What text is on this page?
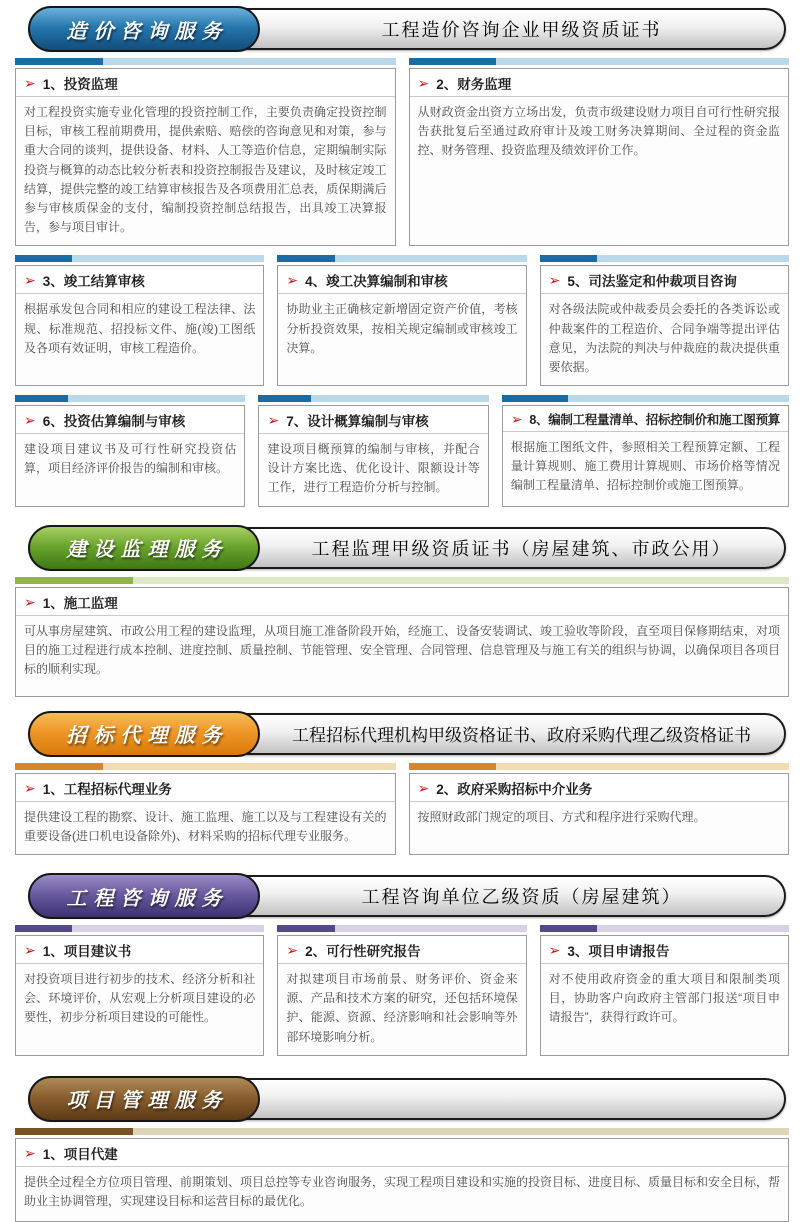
造价咨询服务	工程造价咨询企业甲级资质证书
➢ 1、投资监理
对工程投资实施专业化管理的投资控制工作，主要负责确定投资控制目标，审核工程前期费用，提供索赔、赔偿的咨询意见和对策，参与重大合同的谈判，提供设备、材料、人工等造价信息，定期编制实际投资与概算的动态比较分析表和投资控制报告及建议，及时核定竣工结算，提供完整的竣工结算审核报告及各项费用汇总表，质保期满后参与审核质保金的支付，编制投资控制总结报告，出具竣工决算报告，参与项目审计。
➢ 2、财务监理
从财政资金出资方立场出发，负责市级建设财力项目自可行性研究报告获批复后至通过政府审计及竣工财务决算期间、全过程的资金监控、财务管理、投资监理及绩效评价工作。
➢ 3、竣工结算审核
根据承发包合同和相应的建设工程法律、法规、标准规范、招投标文件、施(竣)工图纸及各项有效证明，审核工程造价。
➢ 4、竣工决算编制和审核
协助业主正确核定新增固定资产价值，考核分析投资效果，按相关规定编制或审核竣工决算。
➢ 5、司法鉴定和仲裁项目咨询
对各级法院或仲裁委员会委托的各类诉讼或仲裁案件的工程造价、合同争端等提出评估意见，为法院的判决与仲裁庭的裁决提供重要依据。
➢ 6、投资估算编制与审核
建设项目建议书及可行性研究投资估算，项目经济评价报告的编制和审核。
➢ 7、设计概算编制与审核
建设项目概预算的编制与审核，并配合设计方案比选、优化设计、限额设计等工作，进行工程造价分析与控制。
➢ 8、编制工程量清单、招标控制价和施工图预算
根据施工图纸文件，参照相关工程预算定额、工程量计算规则、施工费用计算规则、市场价格等情况编制工程量清单、招标控制价或施工图预算。
建设监理服务	工程监理甲级资质证书（房屋建筑、市政公用）
➢ 1、施工监理
可从事房屋建筑、市政公用工程的建设监理，从项目施工准备阶段开始，经施工、设备安装调试、竣工验收等阶段，直至项目保修期结束，对项目的施工过程进行成本控制、进度控制、质量控制、节能管理、安全管理、合同管理、信息管理及与施工有关的组织与协调，以确保项目各项目标的顺利实现。
招标代理服务	工程招标代理机构甲级资格证书、政府采购代理乙级资格证书
➢ 1、工程招标代理业务
提供建设工程的勘察、设计、施工监理、施工以及与工程建设有关的重要设备(进口机电设备除外)、材料采购的招标代理专业服务。
➢ 2、政府采购招标中介业务
按照财政部门规定的项目、方式和程序进行采购代理。
工程咨询服务	工程咨询单位乙级资质（房屋建筑）
➢ 1、项目建议书
对投资项目进行初步的技术、经济分析和社会、环境评价，从宏观上分析项目建设的必要性，初步分析项目建设的可能性。
➢ 2、可行性研究报告
对拟建项目市场前景、财务评价、资金来源、产品和技术方案的研究，还包括环境保护、能源、资源、经济影响和社会影响等外部环境影响分析。
➢ 3、项目申请报告
对不使用政府资金的重大项目和限制类项目，协助客户向政府主管部门报送“项目申请报告”，获得行政许可。
项目管理服务
➢ 1、项目代建
提供全过程全方位项目管理、前期策划、项目总控等专业咨询服务，实现工程项目建设和实施的投资目标、进度目标、质量目标和安全目标，帮助业主协调管理，实现建设目标和运营目标的最优化。
